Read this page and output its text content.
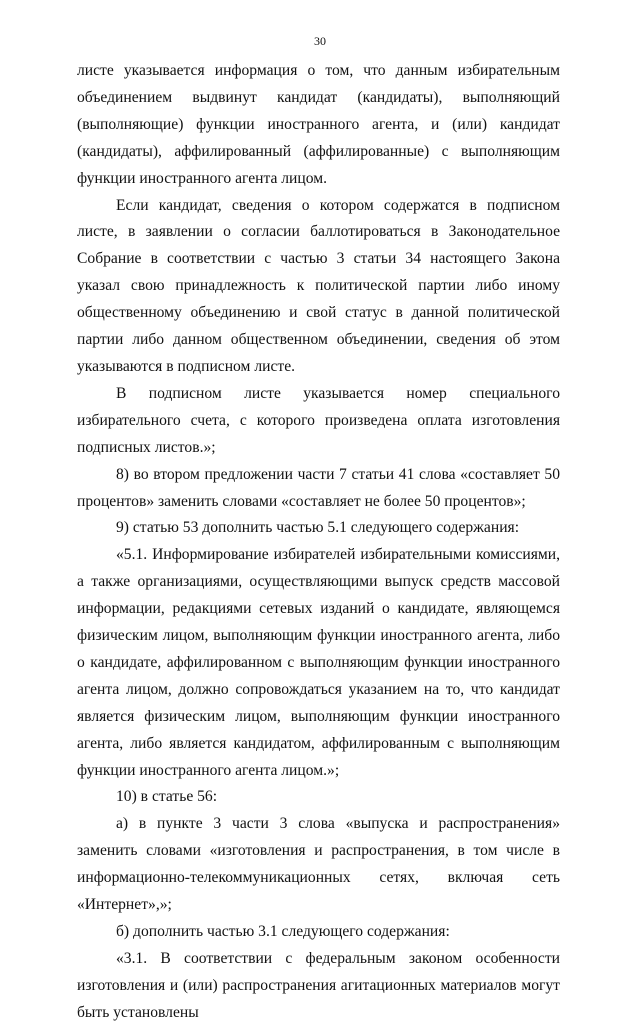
30

листе указывается информация о том, что данным избирательным объединением выдвинут кандидат (кандидаты), выполняющий (выполняющие) функции иностранного агента, и (или) кандидат (кандидаты), аффилированный (аффилированные) с выполняющим функции иностранного агента лицом.

Если кандидат, сведения о котором содержатся в подписном листе, в заявлении о согласии баллотироваться в Законодательное Собрание в соответствии с частью 3 статьи 34 настоящего Закона указал свою принадлежность к политической партии либо иному общественному объединению и свой статус в данной политической партии либо данном общественном объединении, сведения об этом указываются в подписном листе.

В подписном листе указывается номер специального избирательного счета, с которого произведена оплата изготовления подписных листов.»;

8) во втором предложении части 7 статьи 41 слова «составляет 50 процентов» заменить словами «составляет не более 50 процентов»;

9) статью 53 дополнить частью 5.1 следующего содержания:

«5.1. Информирование избирателей избирательными комиссиями, а также организациями, осуществляющими выпуск средств массовой информации, редакциями сетевых изданий о кандидате, являющемся физическим лицом, выполняющим функции иностранного агента, либо о кандидате, аффилированном с выполняющим функции иностранного агента лицом, должно сопровождаться указанием на то, что кандидат является физическим лицом, выполняющим функции иностранного агента, либо является кандидатом, аффилированным с выполняющим функции иностранного агента лицом.»;

10) в статье 56:

а) в пункте 3 части 3 слова «выпуска и распространения» заменить словами «изготовления и распространения, в том числе в информационно-телекоммуникационных сетях, включая сеть «Интернет»,»;

б) дополнить частью 3.1 следующего содержания:

«3.1. В соответствии с федеральным законом особенности изготовления и (или) распространения агитационных материалов могут быть установлены
